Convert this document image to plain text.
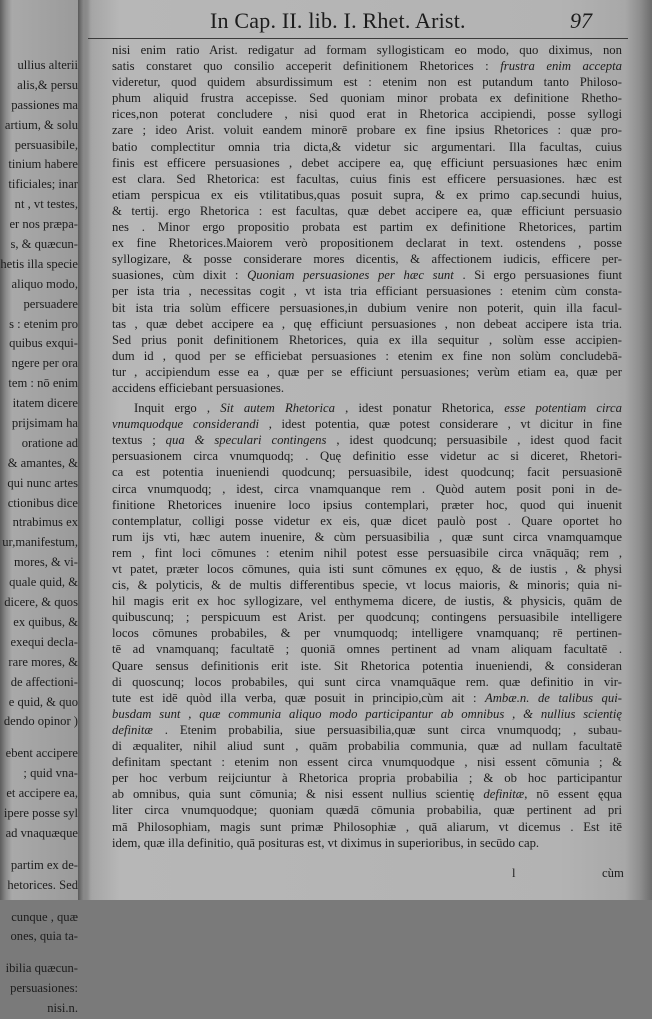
ullius alterii
alis,& persu
passiones ma
artium, & solu
persuasibile,
tinium habere
tificiales; inar
nt , vt testes,
er nos præpa-
s, & quæcun-
hetis illa specie
aliquo modo,
persuadere
s : etenim pro
quibus exqui-
ngere per ora
tem : nō enim
itatem dicere
prijsimam ha
oratione ad
& amantes, &
qui nunc artes
ctionibus dice
ntrabimus ex
ur,manifestum,
mores, & vi-
quale quid, &
dicere, & quos
ex quibus, &
exequi decla-
rare mores, &
de affectioni-
e quid, & quo
dendo opinor )
ebent accipere
; quid vna-
et accipere ea,
ipere posse syl
ad vnaquæque
partim ex de-
hetorices. Sed
cunque , quæ
ones, quia ta-
ibilia quæcun-
persuasiones:
nisi.n.
In Cap. II. lib. I. Rhet. Arist.	97
nisi enim ratio Arist. redigatur ad formam syllogisticam eo modo, quo diximus, non
satis constaret quo consilio acceperit definitionem Rhetorices : frustra enim accepta
videretur, quod quidem absurdissimum est : etenim non est putandum tanto Philoso-
phum aliquid frustra accepisse. Sed quoniam minor probata ex definitione Rhetho-
rices,non poterat concludere , nisi quod erat in Rhetorica accipiendi, posse syllogi
zare ; ideo Arist. voluit eandem minorē probare ex fine ipsius Rhetorices : quæ pro-
batio complectitur omnia tria dicta,& videtur sic argumentari. Illa facultas, cuius
finis est efficere persuasiones , debet accipere ea, quę efficiunt persuasiones hæc enim
est clara. Sed Rhetorica: est facultas, cuius finis est efficere persuasiones. hæc est
etiam perspicua ex eis vtilitatibus,quas posuit supra, & ex primo cap.secundi huius,
& tertij. ergo Rhetorica : est facultas, quæ debet accipere ea, quæ efficiunt persuasio
nes . Minor ergo propositio probata est partim ex definitione Rhetorices, partim
ex fine Rhetorices.Maiorem verò propositionem declarat in text. ostendens , posse
syllogizare, & posse considerare mores dicentis, & affectionem iudicis, efficere per-
suasiones, cùm dixit : Quoniam persuasiones per hæc sunt . Si ergo persuasiones fiunt
per ista tria , necessitas cogit , vt ista tria efficiant persuasiones : etenim cùm consta-
bit ista tria solùm efficere persuasiones,in dubium venire non poterit, quin illa facul-
tas , quæ debet accipere ea , quę efficiunt persuasiones , non debeat accipere ista tria.
Sed prius ponit definitionem Rhetorices, quia ex illa sequitur , solùm esse accipien-
dum id , quod per se efficiebat persuasiones : etenim ex fine non solùm concludebā-
tur , accipiendum esse ea , quæ per se efficiunt persuasiones; verùm etiam ea, quæ per
accidens efficiebant persuasiones.
Inquit ergo , Sit autem Rhetorica , idest ponatur Rhetorica, esse potentiam circa
vnumquodque considerandi , idest potentia, quæ potest considerare , vt dicitur in fine
textus ; qua & speculari contingens , idest quodcunq; persuasibile , idest quod facit
persuasionem circa vnumquodq; . Quę definitio esse videtur ac si diceret, Rhetori-
ca est potentia inueniendi quodcunq; persuasibile, idest quodcunq; facit persuasionē
circa vnumquodq; , idest, circa vnamquanque rem . Quòd autem posit poni in de-
finitione Rhetorices inuenire loco ipsius contemplari, præter hoc, quod qui inuenit
contemplatur, colligi posse videtur ex eis, quæ dicet paulò post . Quare oportet ho
rum ijs vti, hæc autem inuenire, & cùm persuasibilia , quæ sunt circa vnamquamque
rem , fint loci cōmunes : etenim nihil potest esse persuasibile circa vnāquāq; rem ,
vt patet, præter locos cōmunes, quia isti sunt cōmunes ex ęquo, & de iustis , & physi
cis, & polyticis, & de multis differentibus specie, vt locus maioris, & minoris; quia ni-
hil magis erit ex hoc syllogizare, vel enthymema dicere, de iustis, & physicis, quām de
quibuscunq; ; perspicuum est Arist. per quodcunq; contingens persuasibile intelligere
locos cōmunes probabiles, & per vnumquodq; intelligere vnamquanq; rē pertinen-
tē ad vnamquanq; facultatē ; quoniā omnes pertinent ad vnam aliquam facultatē .
Quare sensus definitionis erit iste. Sit Rhetorica potentia inueniendi, & consideran
di quoscunq; locos probabiles, qui sunt circa vnamquāque rem. quæ definitio in vir-
tute est idē quòd illa verba, quæ posuit in principio,cùm ait : Ambæ.n. de talibus qui-
busdam sunt , quæ communia aliquo modo participantur ab omnibus , & nullius scientię
definitæ . Etenim probabilia, siue persuasibilia,quæ sunt circa vnumquodq; , subau-
di æqualiter, nihil aliud sunt , quām probabilia communia, quæ ad nullam facultatē
definitam spectant : etenim non essent circa vnumquodque , nisi essent cōmunia ; &
per hoc verbum reijciuntur à Rhetorica propria probabilia ; & ob hoc participantur
ab omnibus, quia sunt cōmunia; & nisi essent nullius scientię definitæ, nō essent ęqua
liter circa vnumquodque; quoniam quædā cōmunia probabilia, quæ pertinent ad pri
mā Philosophiam, magis sunt primæ Philosophiæ , quā aliarum, vt dicemus . Est itē
idem, quæ illa definitio, quā posituras est, vt diximus in superioribus, in secūdo cap.
l	cùm
